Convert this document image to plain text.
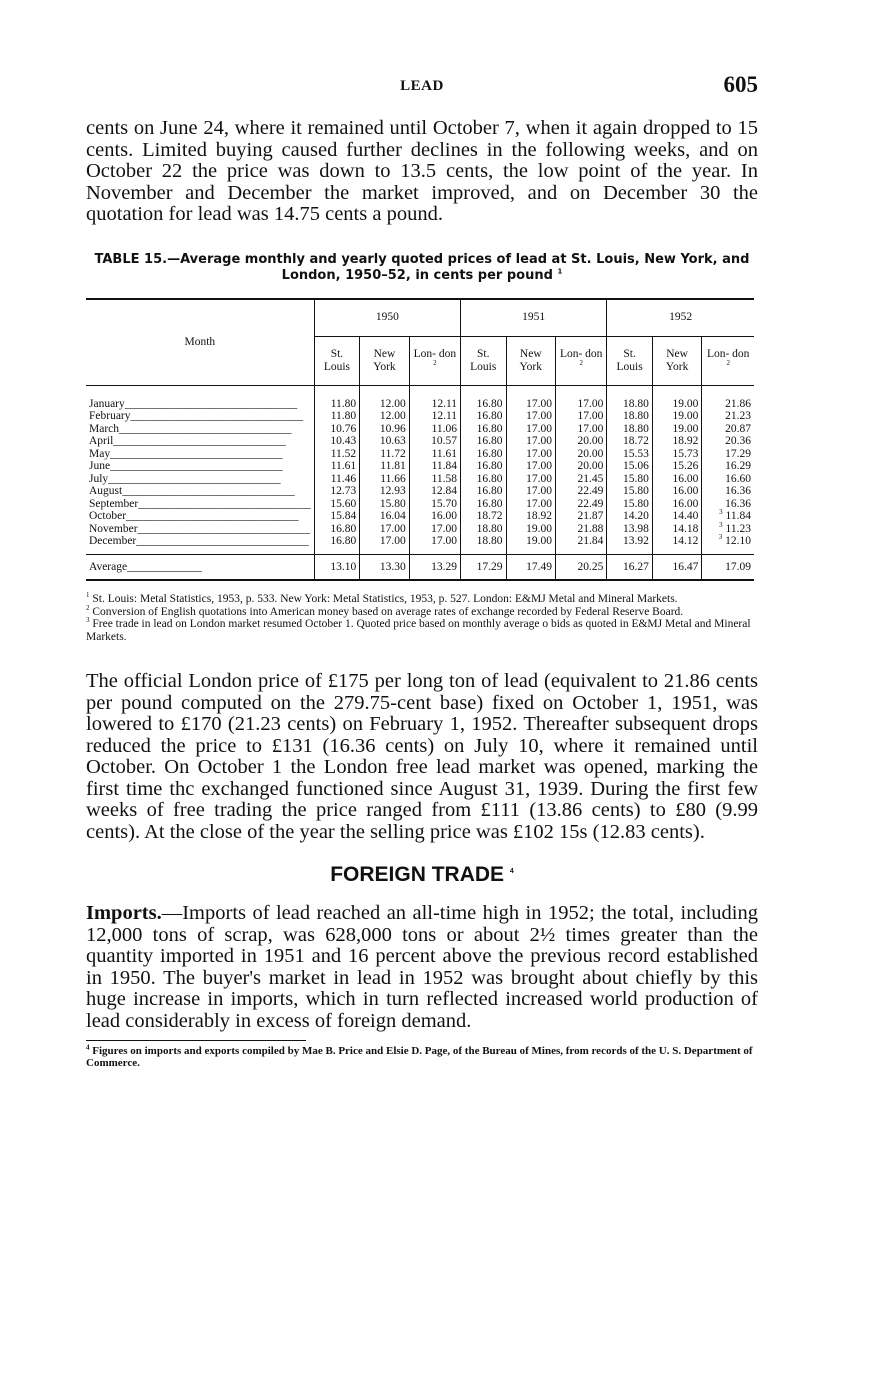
LEAD	605

cents on June 24, where it remained until October 7, when it again dropped to 15 cents. Limited buying caused further declines in the following weeks, and on October 22 the price was down to 13.5 cents, the low point of the year. In November and December the market improved, and on December 30 the quotation for lead was 14.75 cents a pound.

TABLE 15.—Average monthly and yearly quoted prices of lead at St. Louis, New York, and London, 1950–52, in cents per pound $^1$
Month	1950			1951			1952		
	St. Louis	New York	Lon- don $^2$	St. Louis	New York	Lon- don $^2$	St. Louis	New York	Lon- don $^2$
January______________________________	11.80	12.00	12.11	16.80	17.00	17.00	18.80	19.00	21.86
February______________________________	11.80	12.00	12.11	16.80	17.00	17.00	18.80	19.00	21.23
March______________________________	10.76	10.96	11.06	16.80	17.00	17.00	18.80	19.00	20.87
April______________________________	10.43	10.63	10.57	16.80	17.00	20.00	18.72	18.92	20.36
May______________________________	11.52	11.72	11.61	16.80	17.00	20.00	15.53	15.73	17.29
June______________________________	11.61	11.81	11.84	16.80	17.00	20.00	15.06	15.26	16.29
July______________________________	11.46	11.66	11.58	16.80	17.00	21.45	15.80	16.00	16.60
August______________________________	12.73	12.93	12.84	16.80	17.00	22.49	15.80	16.00	16.36
September______________________________	15.60	15.80	15.70	16.80	17.00	22.49	15.80	16.00	16.36
October______________________________	15.84	16.04	16.00	18.72	18.92	21.87	14.20	14.40	$^3$ 11.84
November______________________________	16.80	17.00	17.00	18.80	19.00	21.88	13.98	14.18	$^3$ 11.23
December______________________________	16.80	17.00	17.00	18.80	19.00	21.84	13.92	14.12	$^3$ 12.10
Average_____________	13.10	13.30	13.29	17.29	17.49	20.25	16.27	16.47	17.09

$^1$ St. Louis: Metal Statistics, 1953, p. 533. New York: Metal Statistics, 1953, p. 527. London: E&MJ Metal and Mineral Markets.

$^2$ Conversion of English quotations into American money based on average rates of exchange recorded by Federal Reserve Board.

$^3$ Free trade in lead on London market resumed October 1. Quoted price based on monthly average o bids as quoted in E&MJ Metal and Mineral Markets.

The official London price of £175 per long ton of lead (equivalent to 21.86 cents per pound computed on the 279.75-cent base) fixed on October 1, 1951, was lowered to £170 (21.23 cents) on February 1, 1952. Thereafter subsequent drops reduced the price to £131 (16.36 cents) on July 10, where it remained until October. On October 1 the London free lead market was opened, marking the first time thc exchanged functioned since August 31, 1939. During the first few weeks of free trading the price ranged from £111 (13.86 cents) to £80 (9.99 cents). At the close of the year the selling price was £102 15s (12.83 cents).

FOREIGN TRADE $^4$

Imports.—Imports of lead reached an all-time high in 1952; the total, including 12,000 tons of scrap, was 628,000 tons or about 2½ times greater than the quantity imported in 1951 and 16 percent above the previous record established in 1950. The buyer's market in lead in 1952 was brought about chiefly by this huge increase in imports, which in turn reflected increased world production of lead considerably in excess of foreign demand.

$^4$ Figures on imports and exports compiled by Mae B. Price and Elsie D. Page, of the Bureau of Mines, from records of the U. S. Department of Commerce.
